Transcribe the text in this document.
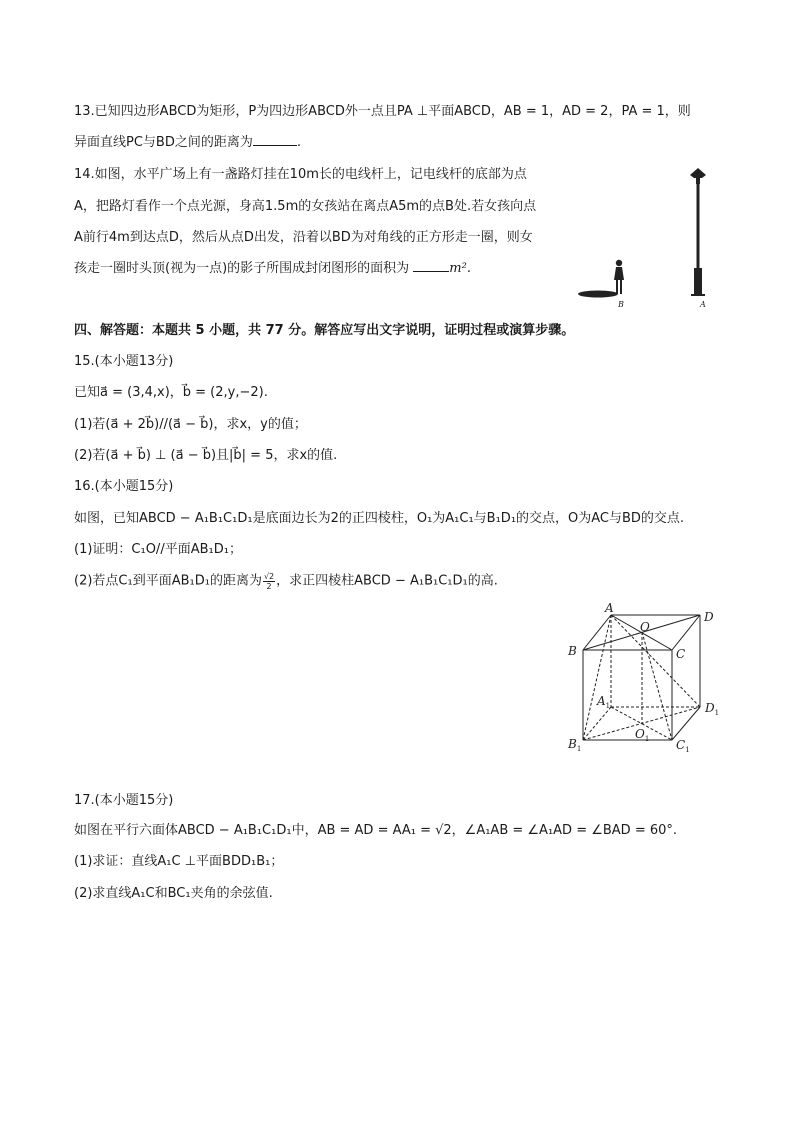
13.已知四边形ABCD为矩形，P为四边形ABCD外一点且PA ⊥平面ABCD，AB = 1，AD = 2，PA = 1，则
异面直线PC与BD之间的距离为	.
14.如图，水平广场上有一盏路灯挂在10m长的电线杆上，记电线杆的底部为点
A，把路灯看作一个点光源，身高1.5m的女孩站在离点A5m的点B处.若女孩向点
A前行4m到达点D，然后从点D出发，沿着以BD为对角线的正方形走一圈，则女
孩走一圈时头顶(视为一点)的影子所围成封闭图形的面积为	m².
B	A
四、解答题：本题共 5 小题，共 77 分。解答应写出文字说明，证明过程或演算步骤。
15.(本小题13分)
已知a⃗ = (3,4,x)，b⃗ = (2,y,−2).
(1)若(a⃗ + 2b⃗)//(a⃗ − b⃗)，求x，y的值；
(2)若(a⃗ + b⃗) ⊥ (a⃗ − b⃗)且|b⃗| = 5，求x的值.
16.(本小题15分)
如图，已知ABCD − A₁B₁C₁D₁是底面边长为2的正四棱柱，O₁为A₁C₁与B₁D₁的交点，O为AC与BD的交点.
(1)证明：C₁O//平面AB₁D₁；
(2)若点C₁到平面AB₁D₁的距离为 $\frac{√2}{2}$ ，求正四棱柱ABCD − A₁B₁C₁D₁的高.
A
B	C
D
O
$A_1$	$D_1$
$B_1$	$C_1$
$O_1$
17.(本小题15分)
如图在平行六面体ABCD − A₁B₁C₁D₁中，AB = AD = AA₁ = √2，∠A₁AB = ∠A₁AD = ∠BAD = 60°.
(1)求证：直线A₁C ⊥平面BDD₁B₁；
(2)求直线A₁C和BC₁夹角的余弦值.
